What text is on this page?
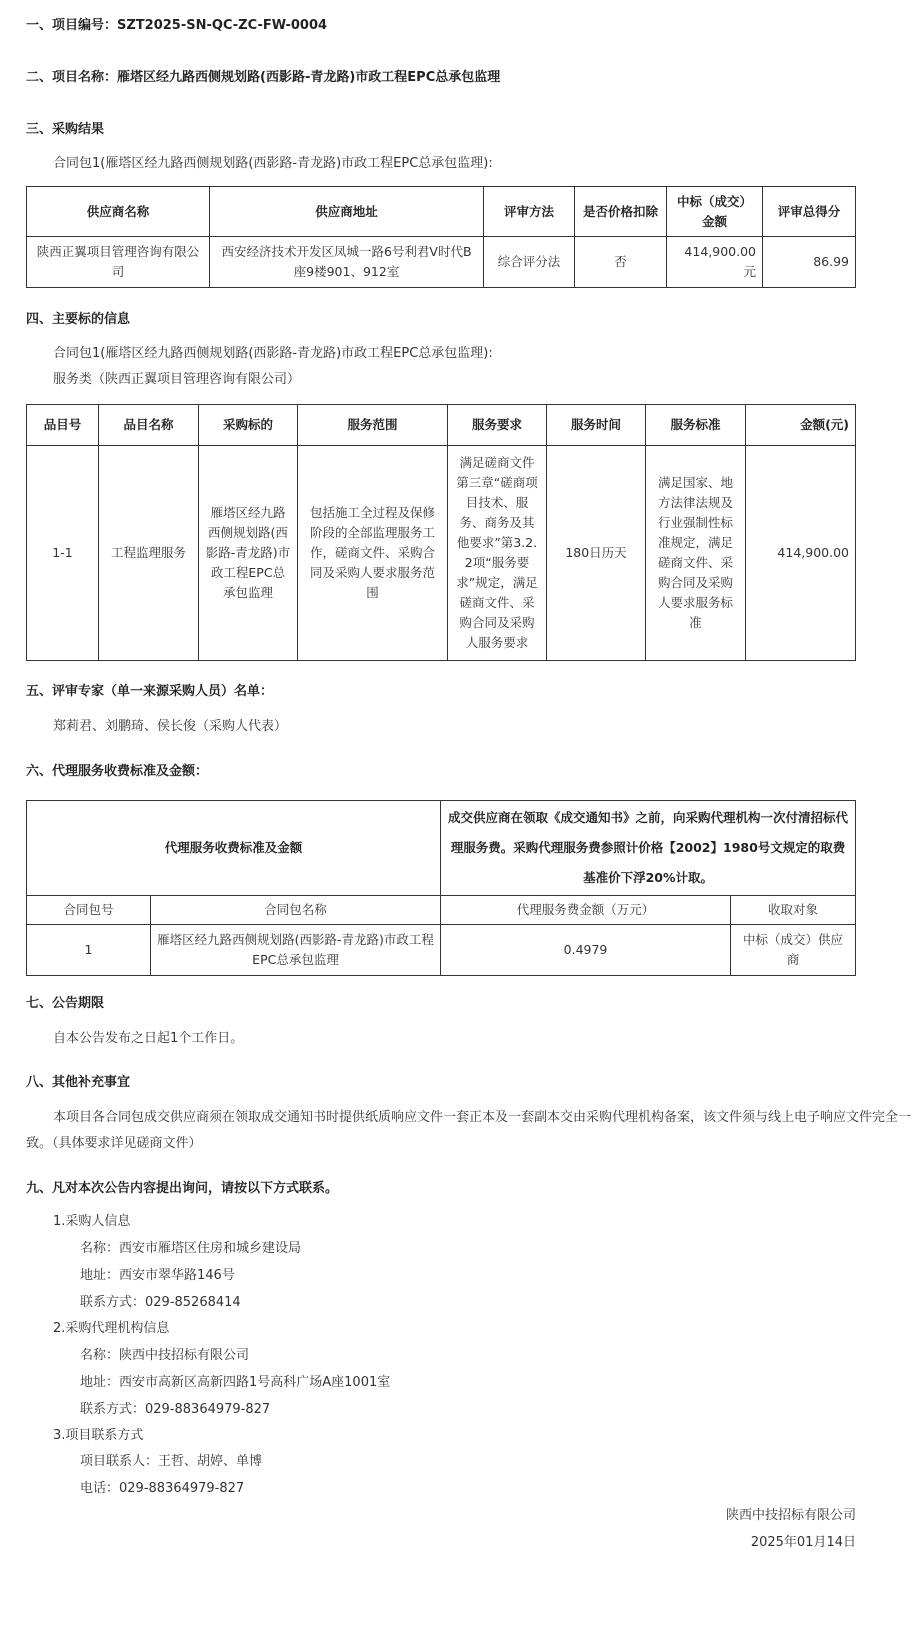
一、项目编号：SZT2025-SN-QC-ZC-FW-0004
二、项目名称：雁塔区经九路西侧规划路(西影路-青龙路)市政工程EPC总承包监理
三、采购结果
合同包1(雁塔区经九路西侧规划路(西影路-青龙路)市政工程EPC总承包监理):
供应商名称	供应商地址	评审方法	是否价格扣除	中标（成交）金额	评审总得分
陕西正翼项目管理咨询有限公司	西安经济技术开发区凤城一路6号利君V时代B座9楼901、912室	综合评分法	否	414,900.00元	86.99
四、主要标的信息
合同包1(雁塔区经九路西侧规划路(西影路-青龙路)市政工程EPC总承包监理):
服务类（陕西正翼项目管理咨询有限公司）
品目号	品目名称	采购标的	服务范围	服务要求	服务时间	服务标准	金额(元)
1-1	工程监理服务	雁塔区经九路西侧规划路(西影路-青龙路)市政工程EPC总承包监理	包括施工全过程及保修阶段的全部监理服务工作，磋商文件、采购合同及采购人要求服务范围	满足磋商文件第三章“磋商项目技术、服务、商务及其他要求”第3.2.2项“服务要求”规定，满足磋商文件、采购合同及采购人服务要求	180日历天	满足国家、地方法律法规及行业强制性标准规定，满足磋商文件、采购合同及采购人要求服务标准	414,900.00
五、评审专家（单一来源采购人员）名单：
郑莉君、刘鹏琦、侯长俊（采购人代表）
六、代理服务收费标准及金额：
代理服务收费标准及金额		成交供应商在领取《成交通知书》之前，向采购代理机构一次付清招标代理服务费。采购代理服务费参照计价格【2002】1980号文规定的取费基准价下浮20%计取。	
合同包号	合同包名称	代理服务费金额（万元）	收取对象
1	雁塔区经九路西侧规划路(西影路-青龙路)市政工程EPC总承包监理	0.4979	中标（成交）供应商
七、公告期限
自本公告发布之日起1个工作日。
八、其他补充事宜
本项目各合同包成交供应商须在领取成交通知书时提供纸质响应文件一套正本及一套副本交由采购代理机构备案，该文件须与线上电子响应文件完全一
致。（具体要求详见磋商文件）
九、凡对本次公告内容提出询问，请按以下方式联系。
1.采购人信息
名称：西安市雁塔区住房和城乡建设局
地址：西安市翠华路146号
联系方式：029-85268414
2.采购代理机构信息
名称：陕西中技招标有限公司
地址：西安市高新区高新四路1号高科广场A座1001室
联系方式：029-88364979-827
3.项目联系方式
项目联系人：王哲、胡婷、单博
电话：029-88364979-827
陕西中技招标有限公司
2025年01月14日
